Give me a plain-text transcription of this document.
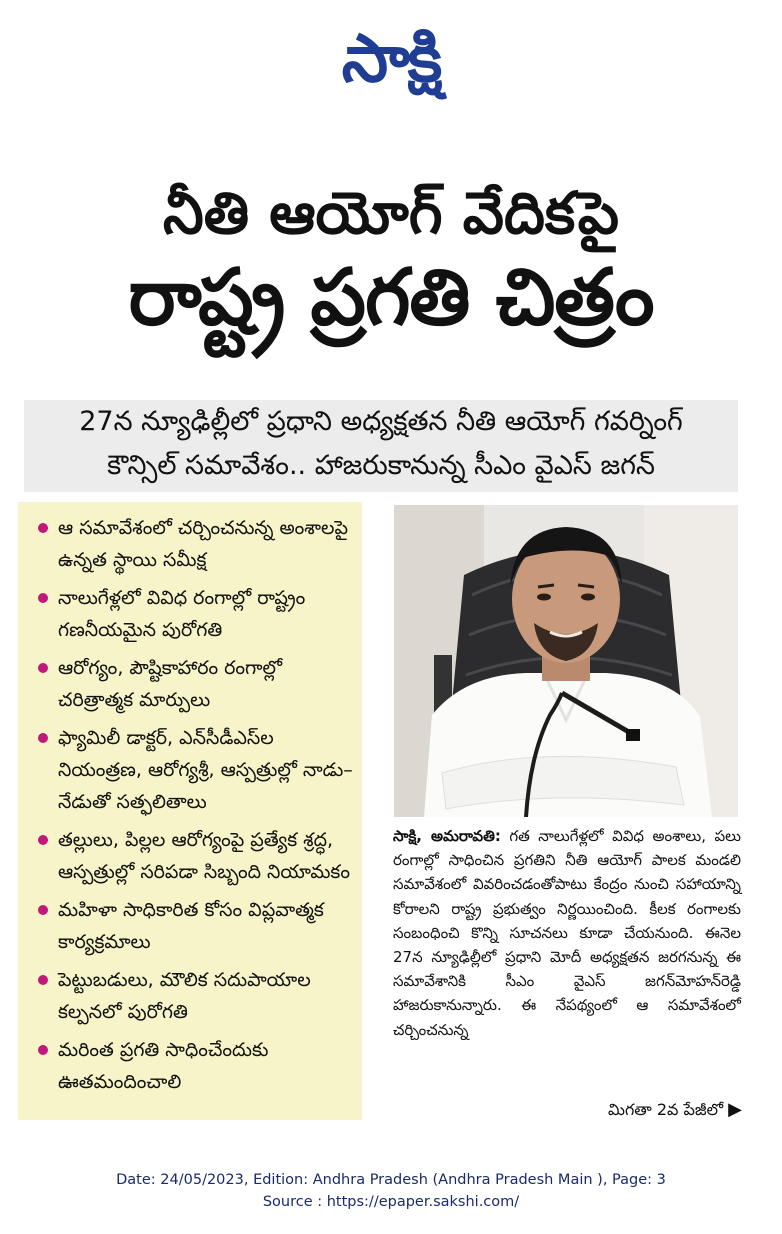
సాక్షి
నీతి ఆయోగ్ వేదికపై
రాష్ట్ర ప్రగతి చిత్రం
27న న్యూఢిల్లీలో ప్రధాని అధ్యక్షతన నీతి ఆయోగ్ గవర్నింగ్
కౌన్సిల్ సమావేశం.. హాజరుకానున్న సీఎం వైఎస్ జగన్
ఆ సమావేశంలో చర్చించనున్న అంశాలపై ఉన్నత స్థాయి సమీక్ష
నాలుగేళ్లలో వివిధ రంగాల్లో రాష్ట్రం గణనీయమైన పురోగతి
ఆరోగ్యం, పౌష్టికాహారం రంగాల్లో చరిత్రాత్మక మార్పులు
ఫ్యామిలీ డాక్టర్, ఎన్‌సీడీఎస్‌ల నియంత్రణ, ఆరోగ్యశ్రీ, ఆస్పత్రుల్లో నాడు–నేడుతో సత్ఫలితాలు
తల్లులు, పిల్లల ఆరోగ్యంపై ప్రత్యేక శ్రద్ధ, ఆస్పత్రుల్లో సరిపడా సిబ్బంది నియామకం
మహిళా సాధికారిత కోసం విప్లవాత్మక కార్యక్రమాలు
పెట్టుబడులు, మౌలిక సదుపాయాల కల్పనలో పురోగతి
మరింత ప్రగతి సాధించేందుకు ఊతమందించాలి

సాక్షి, అమరావతి: గత నాలుగేళ్లలో వివిధ అంశాలు, పలు రంగాల్లో సాధించిన ప్రగతిని నీతి ఆయోగ్ పాలక మండలి సమావేశంలో వివరించడంతోపాటు కేంద్రం నుంచి సహాయాన్ని కోరాలని రాష్ట్ర ప్రభుత్వం నిర్ణయించింది. కీలక రంగాలకు సంబంధించి కొన్ని సూచనలు కూడా చేయనుంది. ఈనెల 27న న్యూఢిల్లీలో ప్రధాని మోదీ అధ్యక్షతన జరగనున్న ఈ సమావేశానికి సీఎం వైఎస్ జగన్‌మోహన్‌రెడ్డి హాజరుకానున్నారు. ఈ నేపథ్యంలో ఆ సమావేశంలో చర్చించనున్న

మిగతా 2వ పేజీలో ▶
Date: 24/05/2023, Edition: Andhra Pradesh (Andhra Pradesh Main ), Page: 3
Source : https://epaper.sakshi.com/
